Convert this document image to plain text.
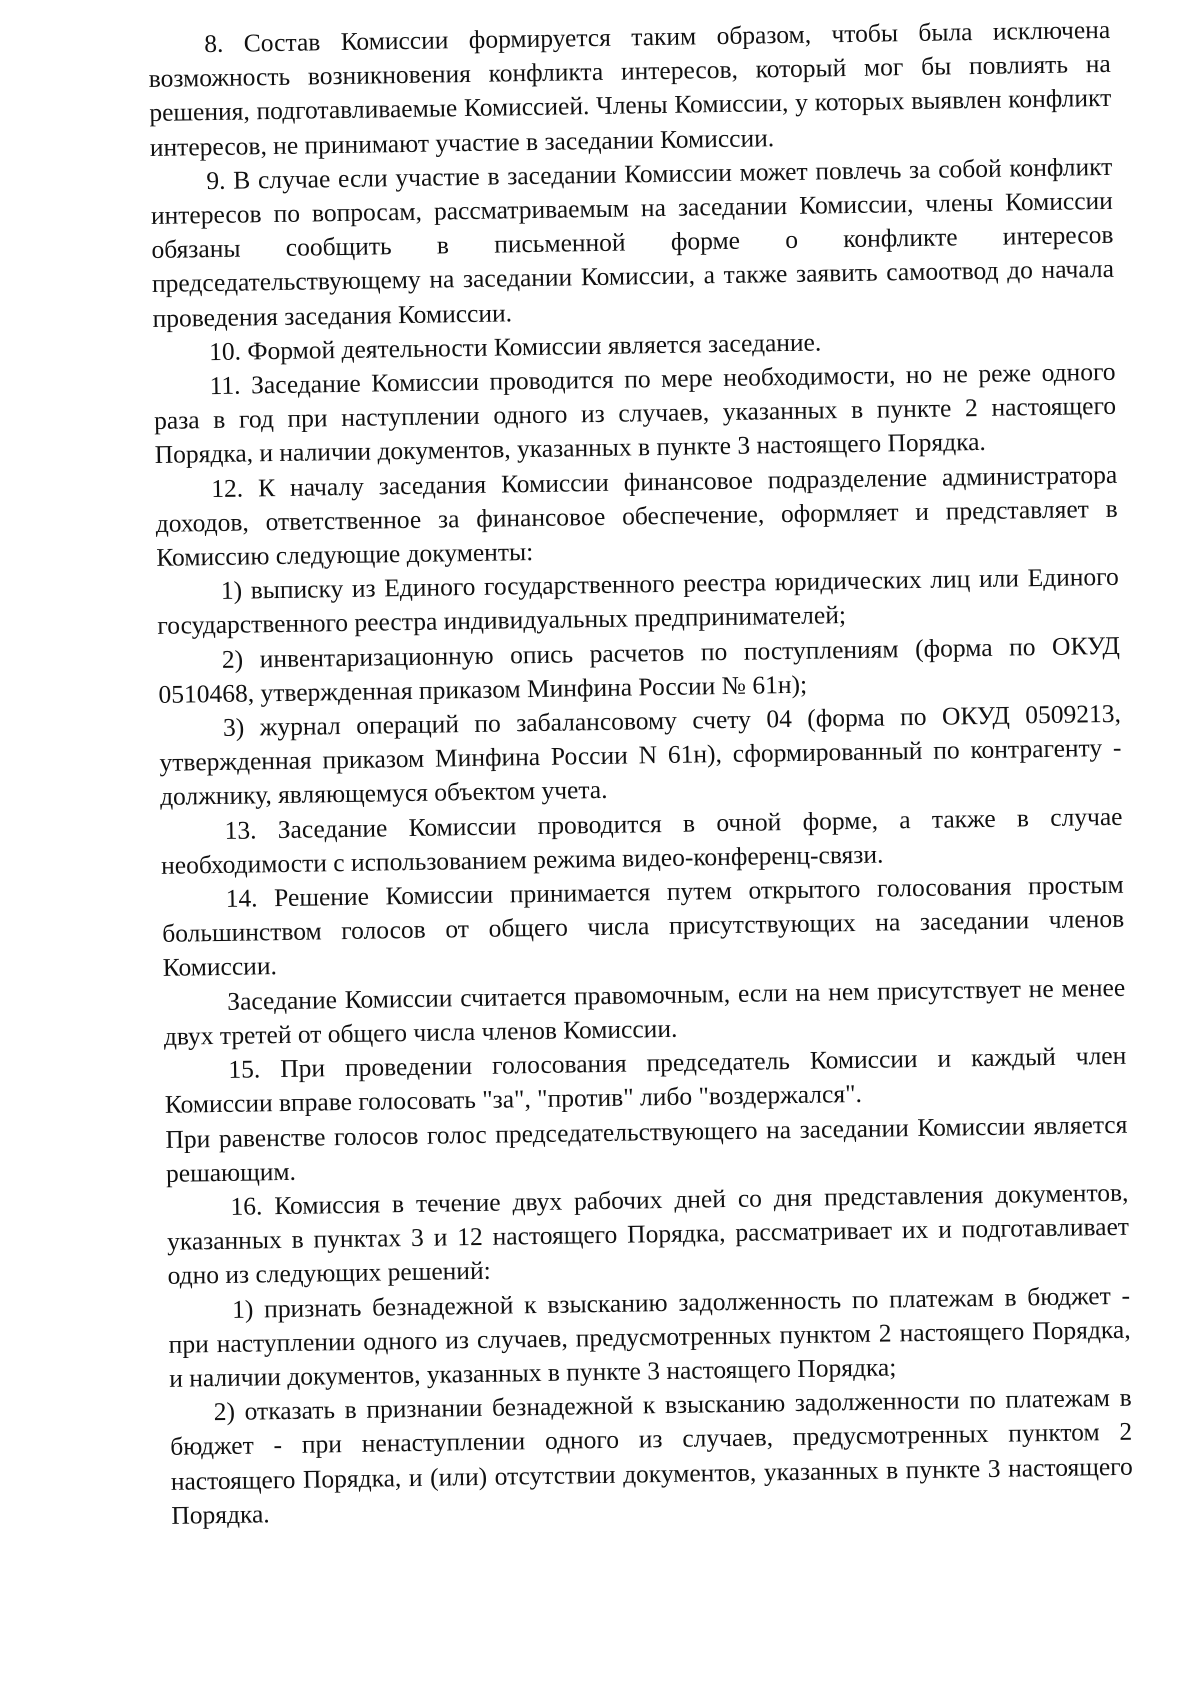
8. Состав Комиссии формируется таким образом, чтобы была исключена возможность возникновения конфликта интересов, который мог бы повлиять на решения, подготавливаемые Комиссией. Члены Комиссии, у которых выявлен конфликт интересов, не принимают участие в заседании Комиссии.

9. В случае если участие в заседании Комиссии может повлечь за собой конфликт интересов по вопросам, рассматриваемым на заседании Комиссии, члены Комиссии обязаны сообщить в письменной форме о конфликте интересов председательствующему на заседании Комиссии, а также заявить самоотвод до начала проведения заседания Комиссии.

10. Формой деятельности Комиссии является заседание.

11. Заседание Комиссии проводится по мере необходимости, но не реже одного раза в год при наступлении одного из случаев, указанных в пункте 2 настоящего Порядка, и наличии документов, указанных в пункте 3 настоящего Порядка.

12. К началу заседания Комиссии финансовое подразделение администратора доходов, ответственное за финансовое обеспечение, оформляет и представляет в Комиссию следующие документы:

1) выписку из Единого государственного реестра юридических лиц или Единого государственного реестра индивидуальных предпринимателей;

2) инвентаризационную опись расчетов по поступлениям (форма по ОКУД 0510468, утвержденная приказом Минфина России № 61н);

3) журнал операций по забалансовому счету 04 (форма по ОКУД 0509213, утвержденная приказом Минфина России N 61н), сформированный по контрагенту - должнику, являющемуся объектом учета.

13. Заседание Комиссии проводится в очной форме, а также в случае необходимости с использованием режима видео-конференц-связи.

14. Решение Комиссии принимается путем открытого голосования простым большинством голосов от общего числа присутствующих на заседании членов Комиссии.

Заседание Комиссии считается правомочным, если на нем присутствует не менее двух третей от общего числа членов Комиссии.

15. При проведении голосования председатель Комиссии и каждый член Комиссии вправе голосовать "за", "против" либо "воздержался".

При равенстве голосов голос председательствующего на заседании Комиссии является решающим.

16. Комиссия в течение двух рабочих дней со дня представления документов, указанных в пунктах 3 и 12 настоящего Порядка, рассматривает их и подготавливает одно из следующих решений:

1) признать безнадежной к взысканию задолженность по платежам в бюджет - при наступлении одного из случаев, предусмотренных пунктом 2 настоящего Порядка, и наличии документов, указанных в пункте 3 настоящего Порядка;

2) отказать в признании безнадежной к взысканию задолженности по платежам в бюджет - при ненаступлении одного из случаев, предусмотренных пунктом 2 настоящего Порядка, и (или) отсутствии документов, указанных в пункте 3 настоящего Порядка.
